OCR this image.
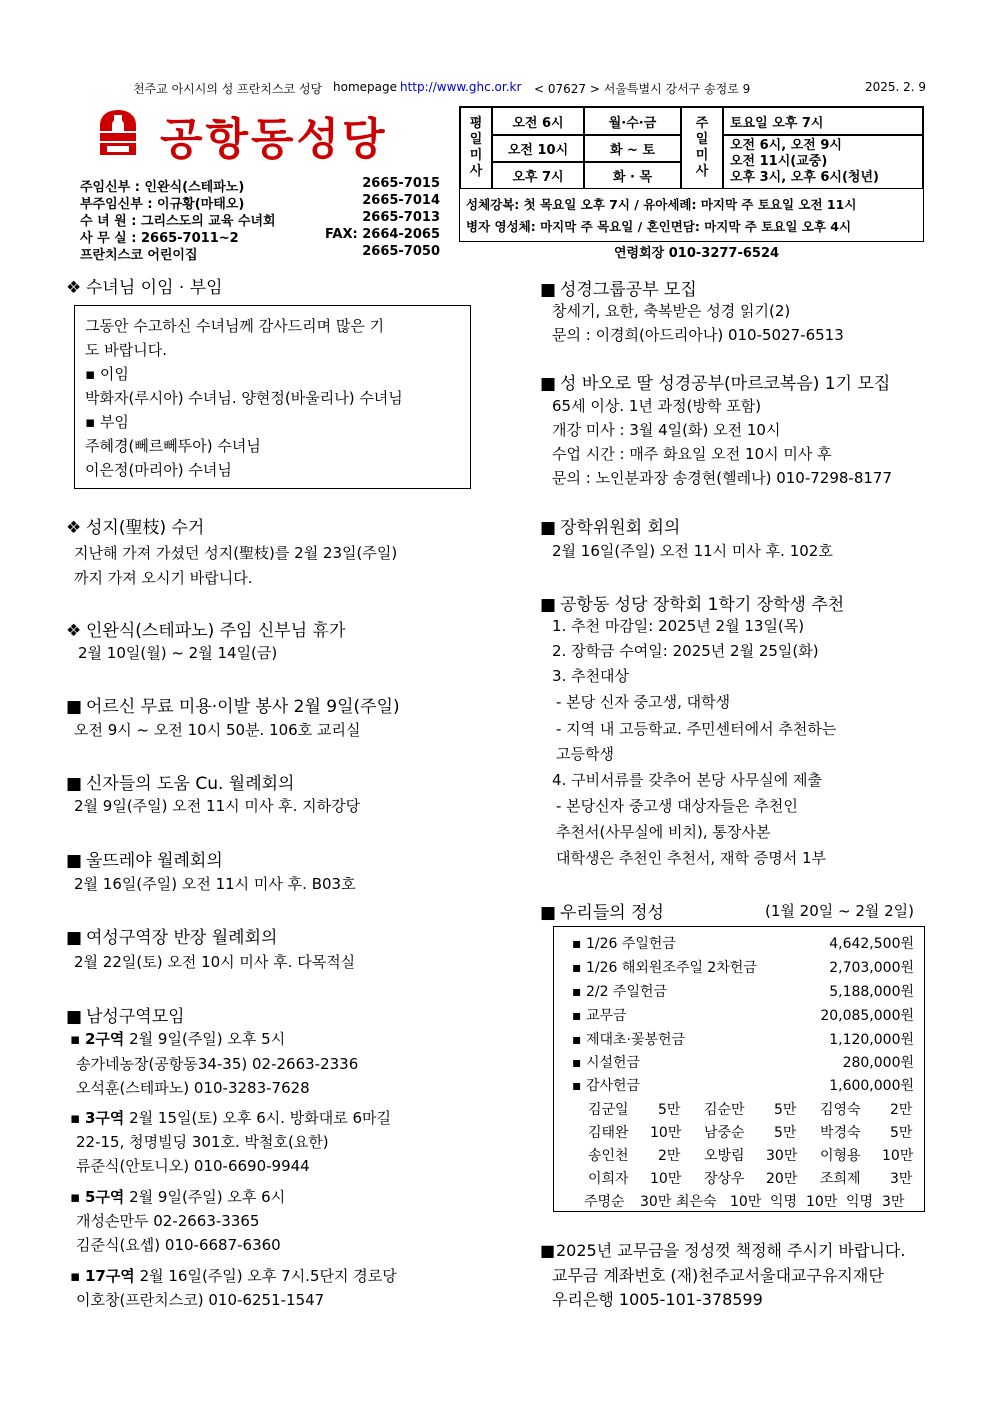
천주교 아시시의 성 프란치스코 성당 homepage http://www.ghc.or.kr < 07627 > 서울특별시 강서구 송정로 9	2025. 2. 9
공항동성당
주임신부 : 인완식(스테파노)	2665-7015
부주임신부 : 이규황(마태오)	2665-7014
수 녀 원 : 그리스도의 교육 수녀회	2665-7013
사 무 실 : 2665-7011~2	FAX: 2664-2065
프란치스코 어린이집	2665-7050
평일미사
오전 6시	월·수·금
오전 10시	화 ~ 토
오후 7시	화 · 목
주일미사
토요일 오후 7시
오전 6시, 오전 9시
오전 11시(교중)
오후 3시, 오후 6시(청년)
성체강복: 첫 목요일 오후 7시 / 유아세례: 마지막 주 토요일 오전 11시
병자 영성체: 마지막 주 목요일 / 혼인면담: 마지막 주 토요일 오후 4시
연령회장 010-3277-6524
❖ 수녀님 이임 · 부임
그동안 수고하신 수녀님께 감사드리며 많은 기
도 바랍니다.
▪ 이임
박화자(루시아) 수녀님. 양현정(바울리나) 수녀님
▪ 부임
주혜경(뻬르뻬뚜아) 수녀님
이은정(마리아) 수녀님
❖ 성지(聖枝) 수거
지난해 가져 가셨던 성지(聖枝)를 2월 23일(주일)
까지 가져 오시기 바랍니다.
❖ 인완식(스테파노) 주임 신부님 휴가
2월 10일(월) ~ 2월 14일(금)
■ 어르신 무료 미용·이발 봉사 2월 9일(주일)
오전 9시 ~ 오전 10시 50분. 106호 교리실
■ 신자들의 도움 Cu. 월례회의
2월 9일(주일) 오전 11시 미사 후. 지하강당
■ 울뜨레야 월례회의
2월 16일(주일) 오전 11시 미사 후. B03호
■ 여성구역장 반장 월례회의
2월 22일(토) 오전 10시 미사 후. 다목적실
■ 남성구역모임
▪ 2구역 2월 9일(주일) 오후 5시
송가네농장(공항동34-35) 02-2663-2336
오석훈(스테파노) 010-3283-7628
▪ 3구역 2월 15일(토) 오후 6시. 방화대로 6마길
22-15, 청명빌딩 301호. 박철호(요한)
류준식(안토니오) 010-6690-9944
▪ 5구역 2월 9일(주일) 오후 6시
개성손만두 02-2663-3365
김준식(요셉) 010-6687-6360
▪ 17구역 2월 16일(주일) 오후 7시.5단지 경로당
이호창(프란치스코) 010-6251-1547
■ 성경그룹공부 모집
창세기, 요한, 축복받은 성경 읽기(2)
문의 : 이경희(아드리아나) 010-5027-6513
■ 성 바오로 딸 성경공부(마르코복음) 1기 모집
65세 이상. 1년 과정(방학 포함)
개강 미사 : 3월 4일(화) 오전 10시
수업 시간 : 매주 화요일 오전 10시 미사 후
문의 : 노인분과장 송경현(헬레나) 010-7298-8177
■ 장학위원회 회의
2월 16일(주일) 오전 11시 미사 후. 102호
■ 공항동 성당 장학회 1학기 장학생 추천
1. 추천 마감일: 2025년 2월 13일(목)
2. 장학금 수여일: 2025년 2월 25일(화)
3. 추천대상
- 본당 신자 중고생, 대학생
- 지역 내 고등학교. 주민센터에서 추천하는
고등학생
4. 구비서류를 갖추어 본당 사무실에 제출
- 본당신자 중고생 대상자들은 추천인
추천서(사무실에 비치), 통장사본
대학생은 추천인 추천서, 재학 증명서 1부
■ 우리들의 정성	(1월 20일 ~ 2월 2일)
▪ 1/26 주일헌금	4,642,500원
▪ 1/26 해외원조주일 2차헌금	2,703,000원
▪ 2/2 주일헌금	5,188,000원
▪ 교무금	20,085,000원
▪ 제대초·꽃봉헌금	1,120,000원
▪ 시설헌금	280,000원
▪ 감사헌금	1,600,000원
김군일 5만 김순만 5만 김영숙 2만
김태완 10만 남중순 5만 박경숙 5만
송인천 2만 오방림 30만 이형용 10만
이희자 10만 장상우 20만 조희제 3만
주명순 30만 최은숙 10만 익명 10만 익명 3만
■2025년 교무금을 정성껏 책정해 주시기 바랍니다.
교무금 계좌번호 (재)천주교서울대교구유지재단
우리은행 1005-101-378599
